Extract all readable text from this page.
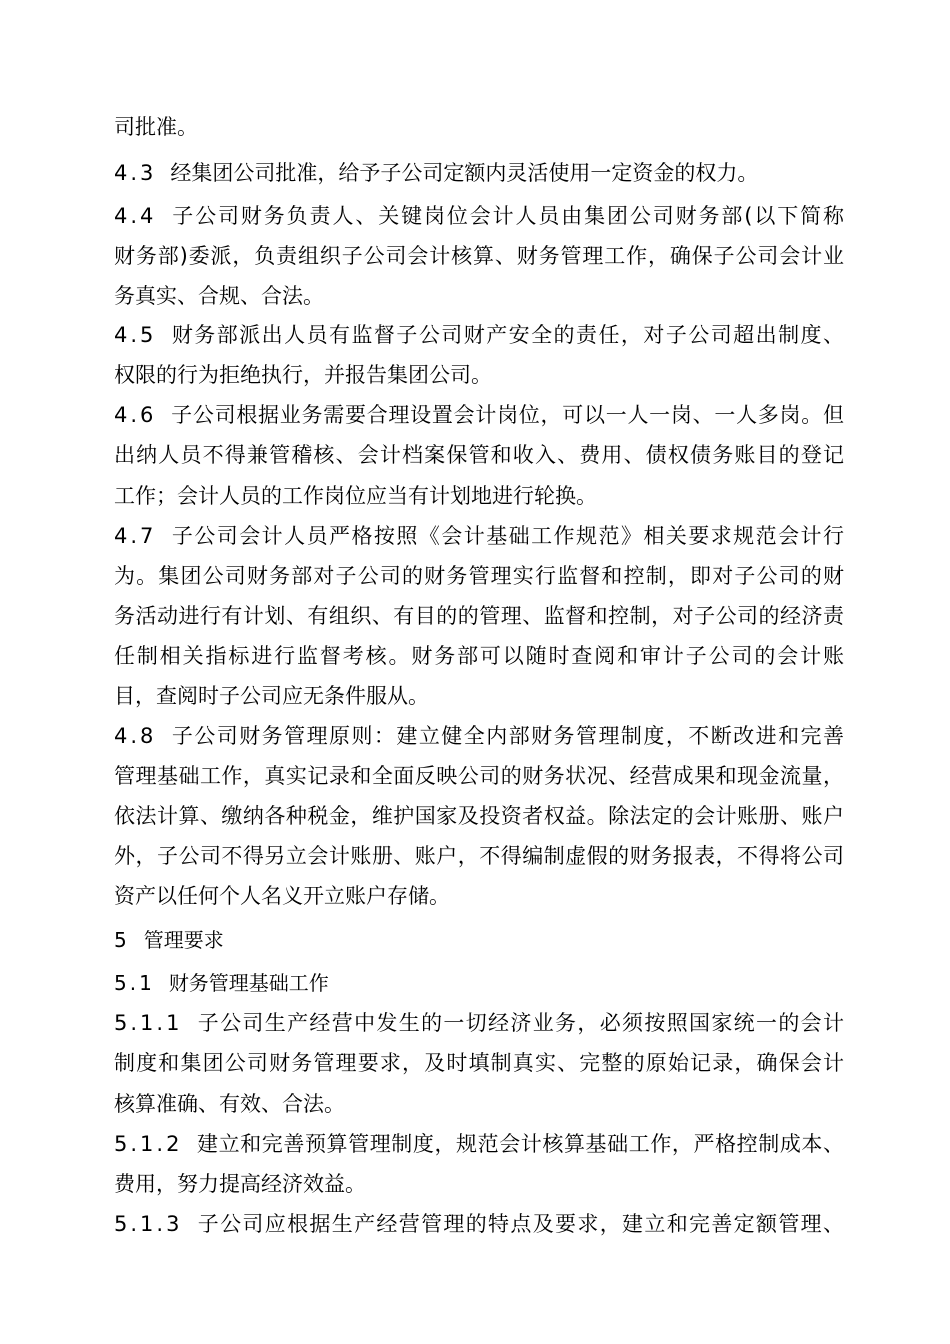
司批准。
4.3 经集团公司批准，给予子公司定额内灵活使用一定资金的权力。
4.4 子公司财务负责人、关键岗位会计人员由集团公司财务部(以下简称
财务部)委派，负责组织子公司会计核算、财务管理工作，确保子公司会计业
务真实、合规、合法。
4.5 财务部派出人员有监督子公司财产安全的责任，对子公司超出制度、
权限的行为拒绝执行，并报告集团公司。
4.6 子公司根据业务需要合理设置会计岗位，可以一人一岗、一人多岗。但
出纳人员不得兼管稽核、会计档案保管和收入、费用、债权债务账目的登记
工作；会计人员的工作岗位应当有计划地进行轮换。
4.7 子公司会计人员严格按照《会计基础工作规范》相关要求规范会计行
为。集团公司财务部对子公司的财务管理实行监督和控制，即对子公司的财
务活动进行有计划、有组织、有目的的管理、监督和控制，对子公司的经济责
任制相关指标进行监督考核。财务部可以随时查阅和审计子公司的会计账
目，查阅时子公司应无条件服从。
4.8 子公司财务管理原则：建立健全内部财务管理制度，不断改进和完善
管理基础工作，真实记录和全面反映公司的财务状况、经营成果和现金流量，
依法计算、缴纳各种税金，维护国家及投资者权益。除法定的会计账册、账户
外，子公司不得另立会计账册、账户，不得编制虚假的财务报表，不得将公司
资产以任何个人名义开立账户存储。
5 管理要求
5.1 财务管理基础工作
5.1.1 子公司生产经营中发生的一切经济业务，必须按照国家统一的会计
制度和集团公司财务管理要求，及时填制真实、完整的原始记录，确保会计
核算准确、有效、合法。
5.1.2 建立和完善预算管理制度，规范会计核算基础工作，严格控制成本、
费用，努力提高经济效益。
5.1.3 子公司应根据生产经营管理的特点及要求，建立和完善定额管理、
